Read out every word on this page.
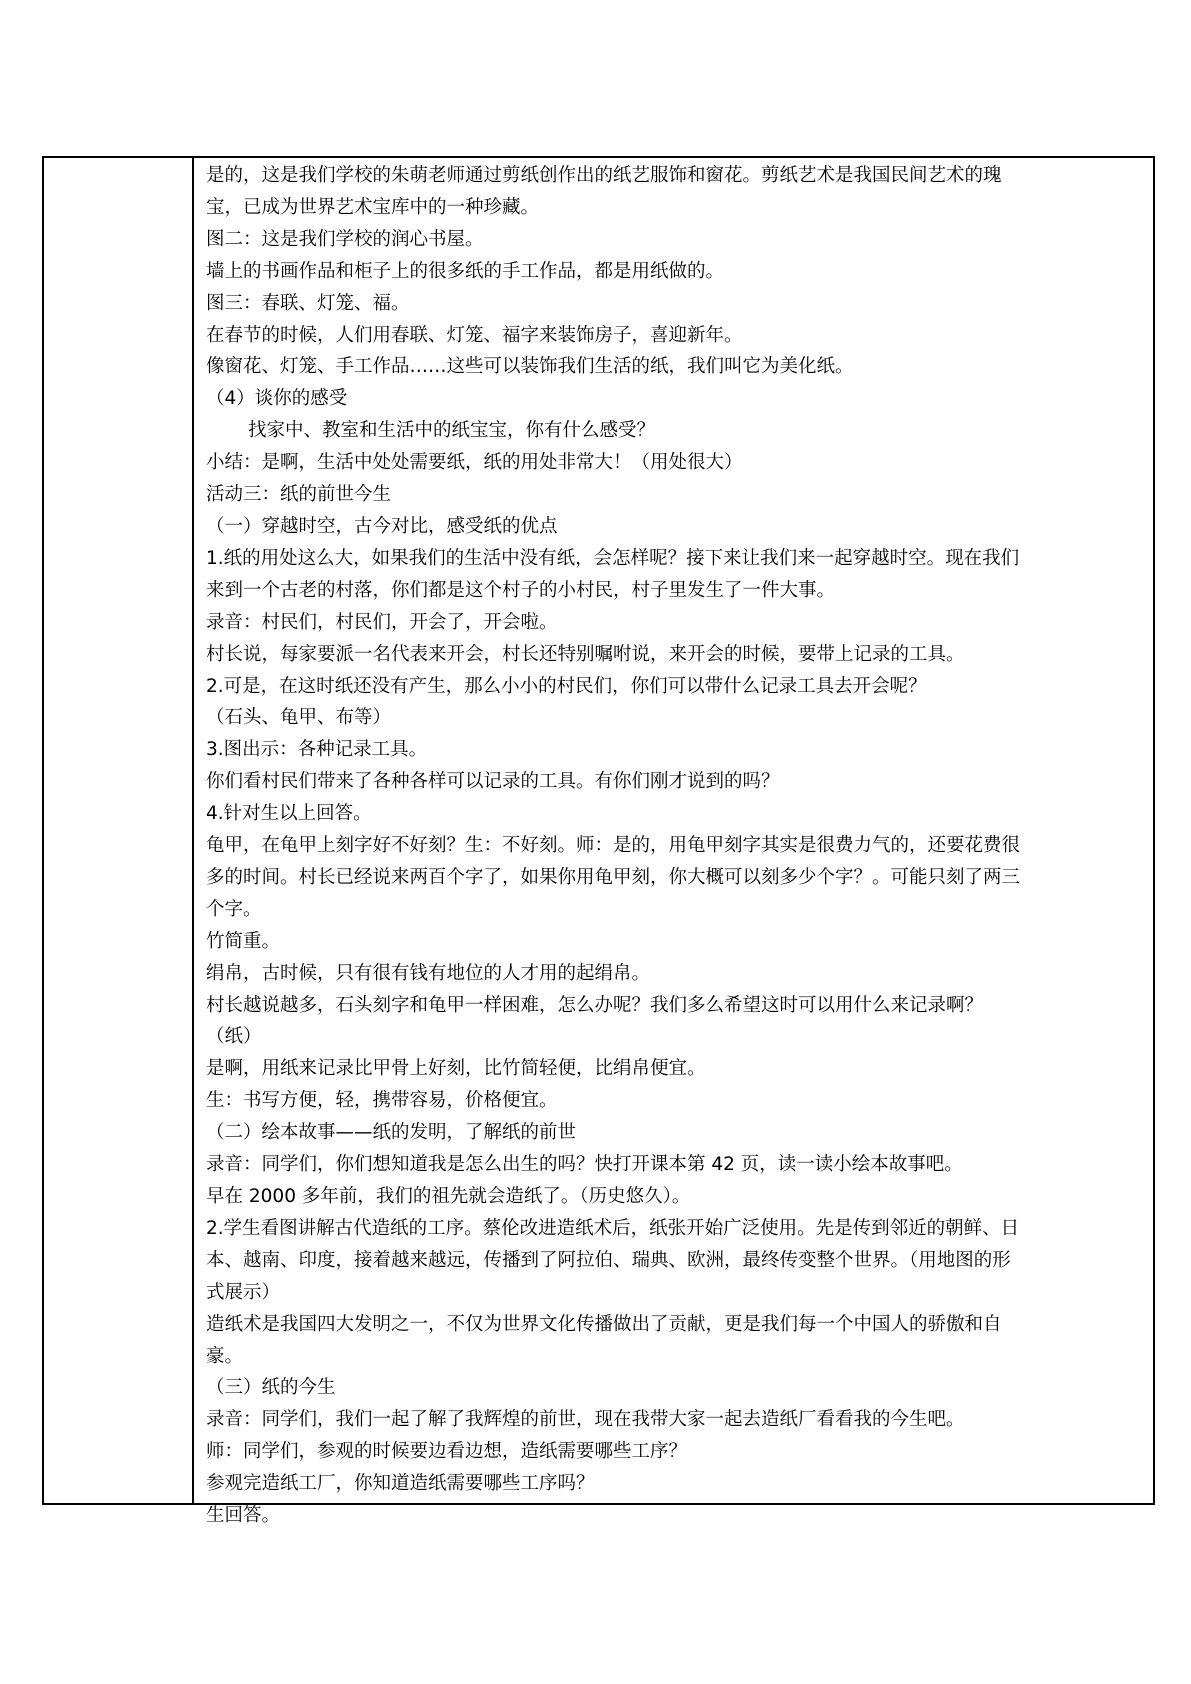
是的，这是我们学校的朱萌老师通过剪纸创作出的纸艺服饰和窗花。剪纸艺术是我国民间艺术的瑰

宝，已成为世界艺术宝库中的一种珍藏。

图二：这是我们学校的润心书屋。

墙上的书画作品和柜子上的很多纸的手工作品，都是用纸做的。

图三：春联、灯笼、福。

在春节的时候，人们用春联、灯笼、福字来装饰房子，喜迎新年。

像窗花、灯笼、手工作品……这些可以装饰我们生活的纸，我们叫它为美化纸。

（4）谈你的感受

找家中、教室和生活中的纸宝宝，你有什么感受？

小结：是啊，生活中处处需要纸，纸的用处非常大！（用处很大）

活动三：纸的前世今生

（一）穿越时空，古今对比，感受纸的优点

1.纸的用处这么大，如果我们的生活中没有纸，会怎样呢？接下来让我们来一起穿越时空。现在我们

来到一个古老的村落，你们都是这个村子的小村民，村子里发生了一件大事。

录音：村民们，村民们，开会了，开会啦。

村长说，每家要派一名代表来开会，村长还特别嘱咐说，来开会的时候，要带上记录的工具。

2.可是，在这时纸还没有产生，那么小小的村民们，你们可以带什么记录工具去开会呢？

（石头、龟甲、布等）

3.图出示：各种记录工具。

你们看村民们带来了各种各样可以记录的工具。有你们刚才说到的吗？

4.针对生以上回答。

龟甲，在龟甲上刻字好不好刻？生：不好刻。师：是的，用龟甲刻字其实是很费力气的，还要花费很

多的时间。村长已经说来两百个字了，如果你用龟甲刻，你大概可以刻多少个字？。可能只刻了两三

个字。

竹简重。

绢帛，古时候，只有很有钱有地位的人才用的起绢帛。

村长越说越多，石头刻字和龟甲一样困难，怎么办呢？我们多么希望这时可以用什么来记录啊？

（纸）

是啊，用纸来记录比甲骨上好刻，比竹简轻便，比绢帛便宜。

生：书写方便，轻，携带容易，价格便宜。

（二）绘本故事——纸的发明，了解纸的前世

录音：同学们，你们想知道我是怎么出生的吗？快打开课本第 42 页，读一读小绘本故事吧。

早在 2000 多年前，我们的祖先就会造纸了。（历史悠久）。

2.学生看图讲解古代造纸的工序。蔡伦改进造纸术后，纸张开始广泛使用。先是传到邻近的朝鲜、日

本、越南、印度，接着越来越远，传播到了阿拉伯、瑞典、欧洲，最终传变整个世界。（用地图的形

式展示）

造纸术是我国四大发明之一，不仅为世界文化传播做出了贡献，更是我们每一个中国人的骄傲和自

豪。

（三）纸的今生

录音：同学们，我们一起了解了我辉煌的前世，现在我带大家一起去造纸厂看看我的今生吧。

师：同学们，参观的时候要边看边想，造纸需要哪些工序？

参观完造纸工厂，你知道造纸需要哪些工序吗？

生回答。
